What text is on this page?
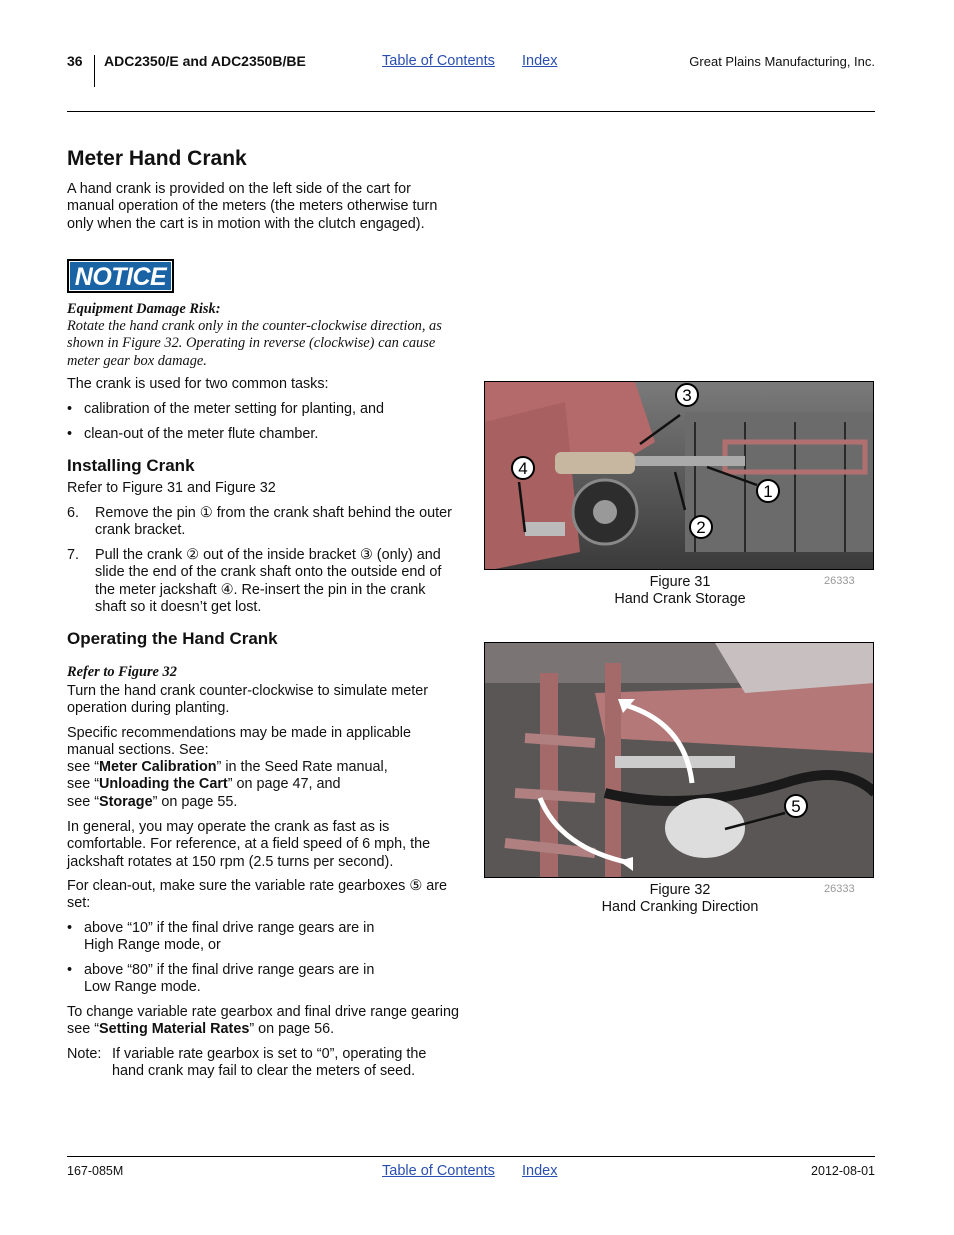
36 ADC2350/E and ADC2350B/BE	Table of Contents Index	Great Plains Manufacturing, Inc.
Meter Hand Crank

A hand crank is provided on the left side of the cart for manual operation of the meters (the meters otherwise turn only when the cart is in motion with the clutch engaged).

NOTICE
Equipment Damage Risk:
Rotate the hand crank only in the counter-clockwise direction, as shown in Figure 32. Operating in reverse (clockwise) can cause meter gear box damage.

The crank is used for two common tasks:

• calibration of the meter setting for planting, and
• clean-out of the meter flute chamber.
Installing Crank

Refer to Figure 31 and Figure 32

6. Remove the pin ① from the crank shaft behind the outer crank bracket.
7. Pull the crank ② out of the inside bracket ③ (only) and slide the end of the crank shaft onto the outside end of the meter jackshaft ④. Re-insert the pin in the crank shaft so it doesn’t get lost.
Operating the Hand Crank
Refer to Figure 32

Turn the hand crank counter-clockwise to simulate meter operation during planting.

Specific recommendations may be made in applicable manual sections. See:

see “Meter Calibration” in the Seed Rate manual,

see “Unloading the Cart” on page 47, and

see “Storage” on page 55.

In general, you may operate the crank as fast as is comfortable. For reference, at a field speed of 6 mph, the jackshaft rotates at 150 rpm (2.5 turns per second).

For clean-out, make sure the variable rate gearboxes ⑤ are set:

• above “10” if the final drive range gears are in High Range mode, or
• above “80” if the final drive range gears are in Low Range mode.

To change variable rate gearbox and final drive range gearing see “Setting Material Rates” on page 56.

Note: If variable rate gearbox is set to “0”, operating the hand crank may fail to clear the meters of seed.
3
1
2
4
Figure 31
Hand Crank Storage
26333
5
Figure 32
Hand Cranking Direction
26333
167-085M	Table of Contents Index	2012-08-01
